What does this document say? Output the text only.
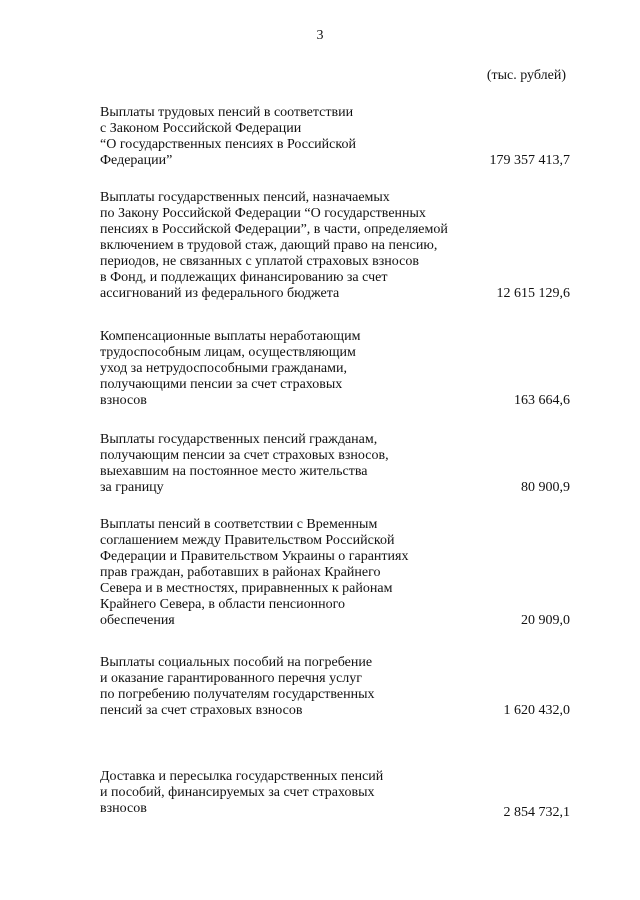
3
(тыс. рублей)
Выплаты трудовых пенсий в соответствии
с Законом Российской Федерации
“О государственных пенсиях в Российской
Федерации”	179 357 413,7
Выплаты государственных пенсий, назначаемых
по Закону Российской Федерации “О государственных
пенсиях в Российской Федерации”, в части, определяемой
включением в трудовой стаж, дающий право на пенсию,
периодов, не связанных с уплатой страховых взносов
в Фонд, и подлежащих финансированию за счет
ассигнований из федерального бюджета	12 615 129,6
Компенсационные выплаты неработающим
трудоспособным лицам, осуществляющим
уход за нетрудоспособными гражданами,
получающими пенсии за счет страховых
взносов	163 664,6
Выплаты государственных пенсий гражданам,
получающим пенсии за счет страховых взносов,
выехавшим на постоянное место жительства
за границу	80 900,9
Выплаты пенсий в соответствии с Временным
соглашением между Правительством Российской
Федерации и Правительством Украины о гарантиях
прав граждан, работавших в районах Крайнего
Севера и в местностях, приравненных к районам
Крайнего Севера, в области пенсионного
обеспечения	20 909,0
Выплаты социальных пособий на погребение
и оказание гарантированного перечня услуг
по погребению получателям государственных
пенсий за счет страховых взносов	1 620 432,0
Доставка и пересылка государственных пенсий
и пособий, финансируемых за счет страховых
взносов	2 854 732,1
